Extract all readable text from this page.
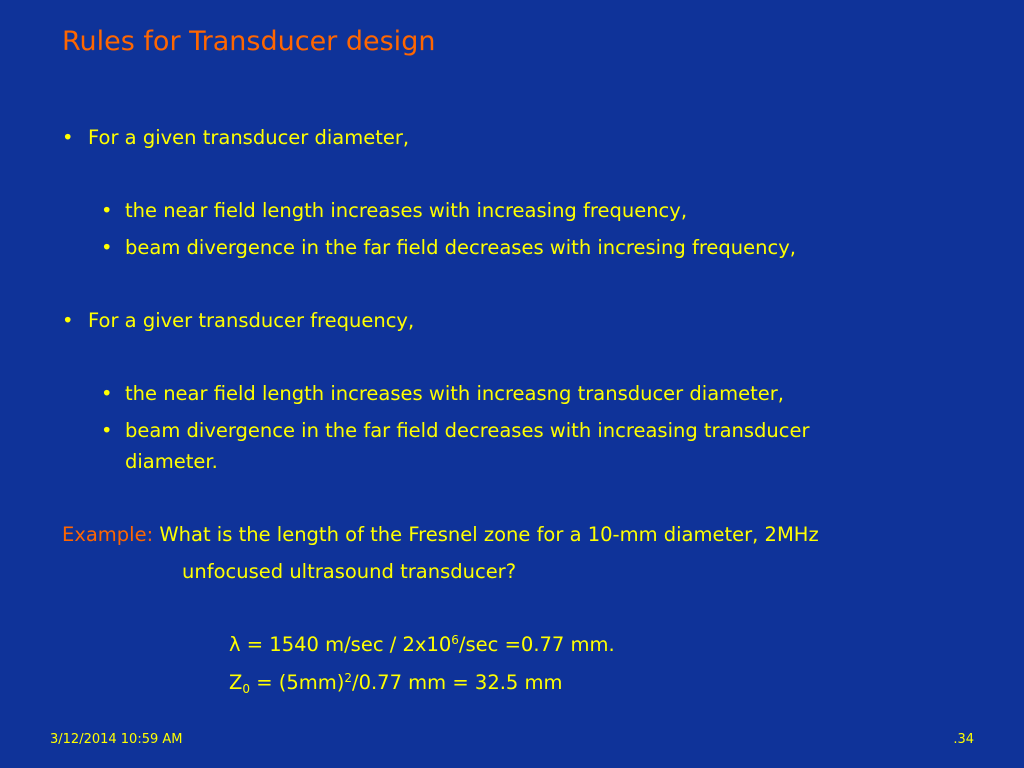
Rules for Transducer design
• For a given transducer diameter,
• the near field length increases with increasing frequency,
• beam divergence in the far field decreases with incresing frequency,
• For a giver transducer frequency,
• the near field length increases with increasng transducer diameter,
• beam divergence in the far field decreases with increasing transducer
diameter.
Example: What is the length of the Fresnel zone for a 10-mm diameter, 2MHz
unfocused ultrasound transducer?
λ = 1540 $m/\sec / 2x10^6/\sec =0.77$ mm.
$Z_0 = (5mm)^2/0.77$ mm = 32.5 mm
3/12/2014 10:59 AM	.34
